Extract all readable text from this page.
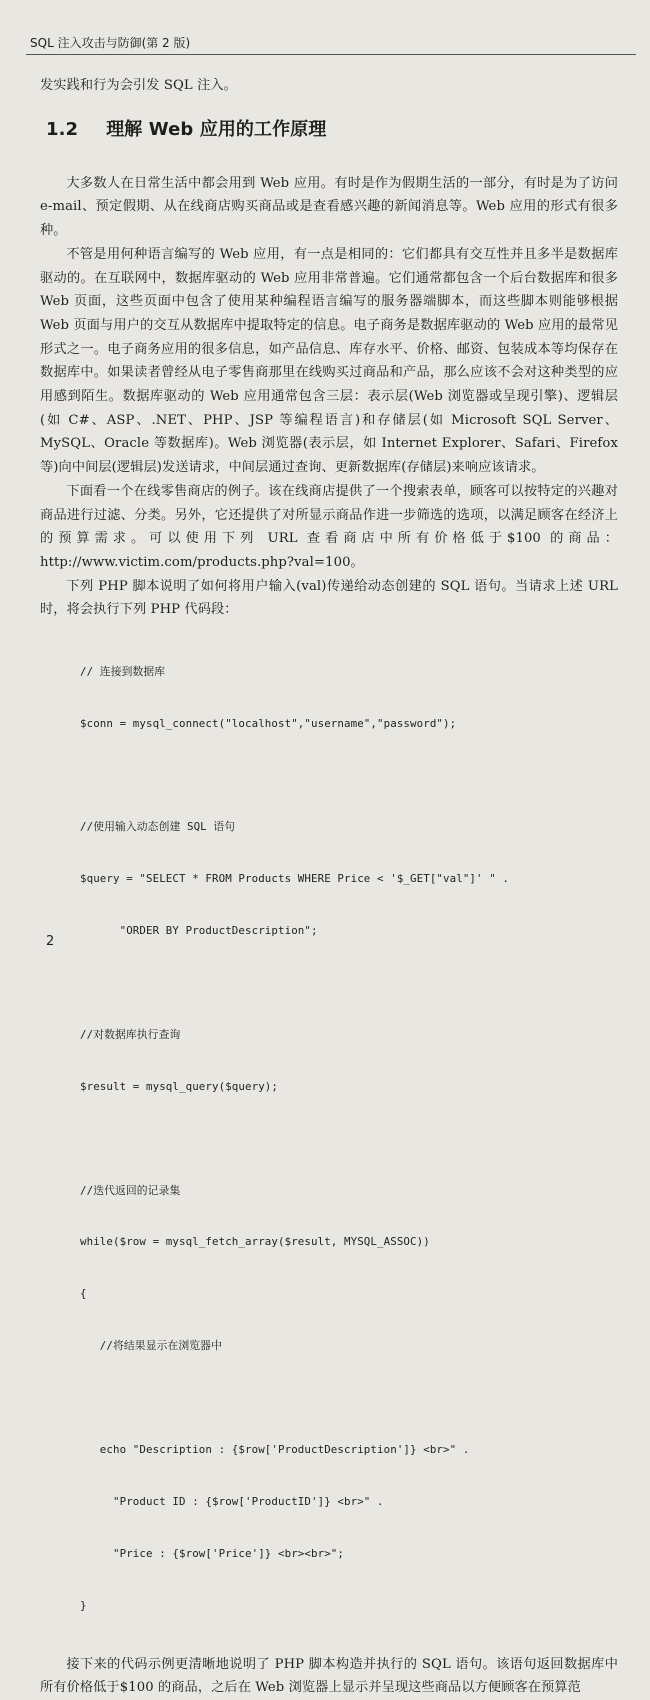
SQL 注入攻击与防御(第 2 版)

发实践和行为会引发 SQL 注入。

1.2 理解 Web 应用的工作原理

大多数人在日常生活中都会用到 Web 应用。有时是作为假期生活的一部分，有时是为了访问 e-mail、预定假期、从在线商店购买商品或是查看感兴趣的新闻消息等。Web 应用的形式有很多种。

不管是用何种语言编写的 Web 应用，有一点是相同的：它们都具有交互性并且多半是数据库驱动的。在互联网中，数据库驱动的 Web 应用非常普遍。它们通常都包含一个后台数据库和很多 Web 页面，这些页面中包含了使用某种编程语言编写的服务器端脚本，而这些脚本则能够根据 Web 页面与用户的交互从数据库中提取特定的信息。电子商务是数据库驱动的 Web 应用的最常见形式之一。电子商务应用的很多信息，如产品信息、库存水平、价格、邮资、包装成本等均保存在数据库中。如果读者曾经从电子零售商那里在线购买过商品和产品，那么应该不会对这种类型的应用感到陌生。数据库驱动的 Web 应用通常包含三层：表示层(Web 浏览器或呈现引擎)、逻辑层(如 C#、ASP、.NET、PHP、JSP 等编程语言)和存储层(如 Microsoft SQL Server、MySQL、Oracle 等数据库)。Web 浏览器(表示层，如 Internet Explorer、Safari、Firefox 等)向中间层(逻辑层)发送请求，中间层通过查询、更新数据库(存储层)来响应该请求。

下面看一个在线零售商店的例子。该在线商店提供了一个搜索表单，顾客可以按特定的兴趣对商品进行过滤、分类。另外，它还提供了对所显示商品作进一步筛选的选项，以满足顾客在经济上的预算需求。可以使用下列 URL 查看商店中所有价格低于$100 的商品：http://www.victim.com/products.php?val=100。

下列 PHP 脚本说明了如何将用户输入(val)传递给动态创建的 SQL 语句。当请求上述 URL 时，将会执行下列 PHP 代码段：

// 连接到数据库

$conn = mysql_connect("localhost","username","password");

//使用输入动态创建 SQL 语句

$query = "SELECT * FROM Products WHERE Price < '$_GET["val"]' " .

"ORDER BY ProductDescription";

//对数据库执行查询

$result = mysql_query($query);

//迭代返回的记录集

while($row = mysql_fetch_array($result, MYSQL_ASSOC))

{

//将结果显示在浏览器中

echo "Description : {$row['ProductDescription']} <br>" .

"Product ID : {$row['ProductID']} <br>" .

"Price : {$row['Price']} <br><br>";

}

接下来的代码示例更清晰地说明了 PHP 脚本构造并执行的 SQL 语句。该语句返回数据库中所有价格低于$100 的商品，之后在 Web 浏览器上显示并呈现这些商品以方便顾客在预算范

2
